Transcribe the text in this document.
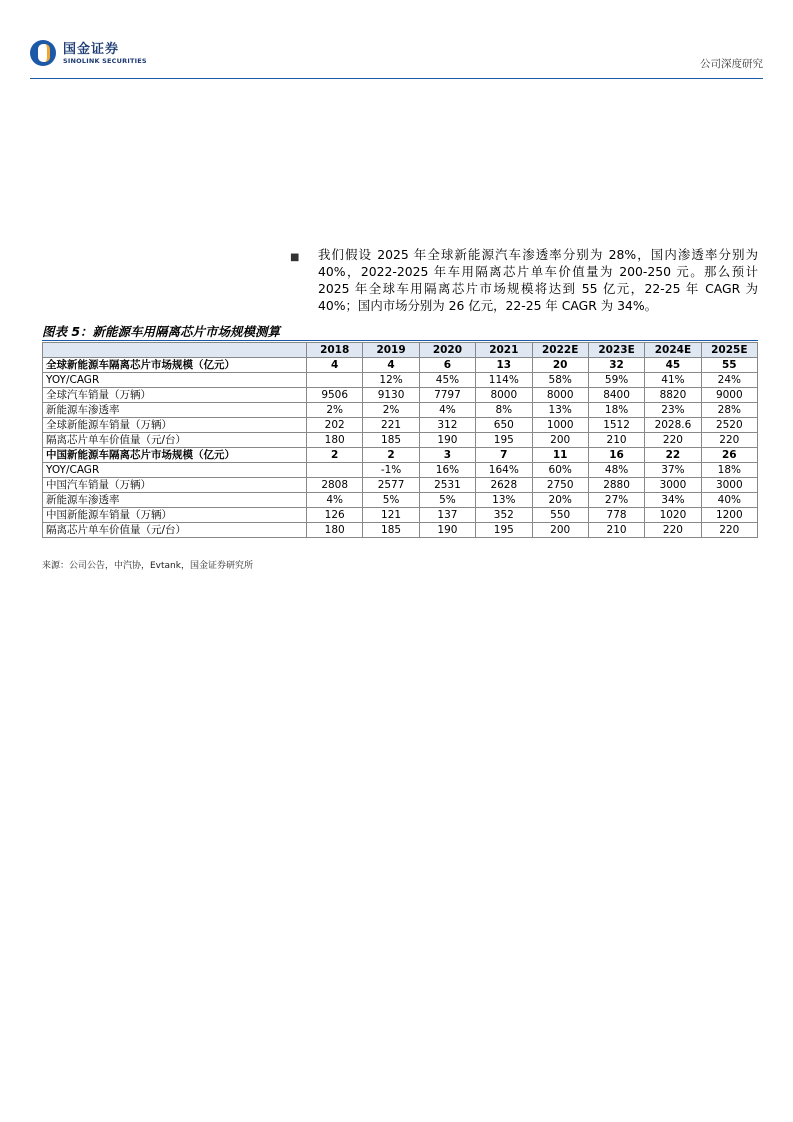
国金证券
SINOLINK SECURITIES	公司深度研究
■ 我们假设 2025 年全球新能源汽车渗透率分别为 28%，国内渗透率分别为 40%，2022-2025 年车用隔离芯片单车价值量为 200-250 元。那么预计 2025 年全球车用隔离芯片市场规模将达到 55 亿元，22-25 年 CAGR 为 40%；国内市场分别为 26 亿元，22-25 年 CAGR 为 34%。

图表 5：新能源车用隔离芯片市场规模测算
	2018	2019	2020	2021	2022E	2023E	2024E	2025E
全球新能源车隔离芯片市场规模（亿元）	4	4	6	13	20	32	45	55
YOY/CAGR		12%	45%	114%	58%	59%	41%	24%
全球汽车销量（万辆）	9506	9130	7797	8000	8000	8400	8820	9000
新能源车渗透率	2%	2%	4%	8%	13%	18%	23%	28%
全球新能源车销量（万辆）	202	221	312	650	1000	1512	2028.6	2520
隔离芯片单车价值量（元/台）	180	185	190	195	200	210	220	220
中国新能源车隔离芯片市场规模（亿元）	2	2	3	7	11	16	22	26
YOY/CAGR		-1%	16%	164%	60%	48%	37%	18%
中国汽车销量（万辆）	2808	2577	2531	2628	2750	2880	3000	3000
新能源车渗透率	4%	5%	5%	13%	20%	27%	34%	40%
中国新能源车销量（万辆）	126	121	137	352	550	778	1020	1200
隔离芯片单车价值量（元/台）	180	185	190	195	200	210	220	220
来源：公司公告，中汽协，Evtank，国金证券研究所
